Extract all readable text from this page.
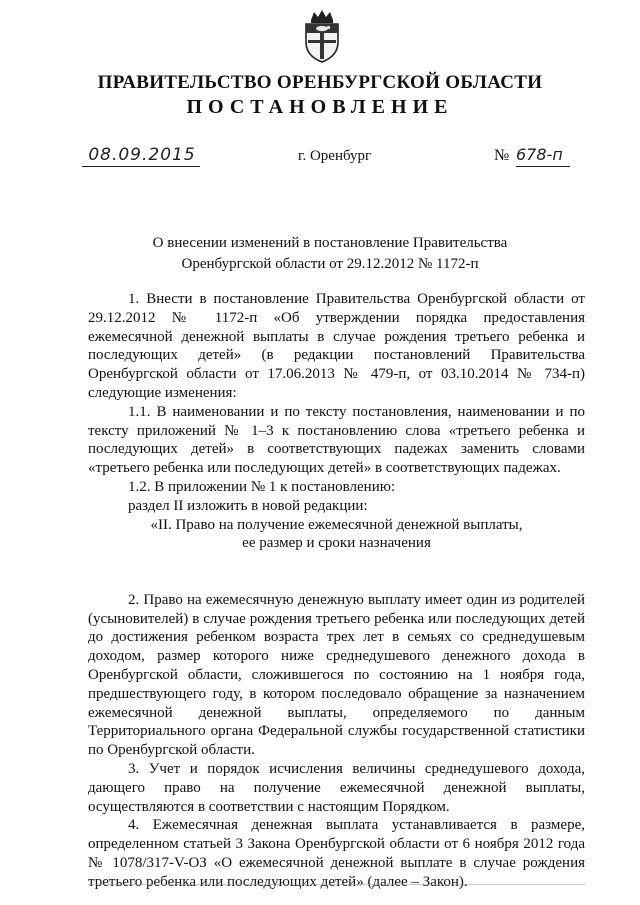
ПРАВИТЕЛЬСТВО ОРЕНБУРГСКОЙ ОБЛАСТИ
ПОСТАНОВЛЕНИЕ
08.09.2015	г. Оренбург	№ 678-п
О внесении изменений в постановление Правительства
Оренбургской области от 29.12.2012 № 1172-п

1. Внести в постановление Правительства Оренбургской области от 29.12.2012 № 1172-п «Об утверждении порядка предоставления ежемесячной денежной выплаты в случае рождения третьего ребенка и последующих детей» (в редакции постановлений Правительства Оренбургской области от 17.06.2013 № 479-п, от 03.10.2014 № 734-п) следующие изменения:

1.1. В наименовании и по тексту постановления, наименовании и по тексту приложений № 1–3 к постановлению слова «третьего ребенка и последующих детей» в соответствующих падежах заменить словами «третьего ребенка или последующих детей» в соответствующих падежах.

1.2. В приложении № 1 к постановлению:

раздел II изложить в новой редакции:

«II. Право на получение ежемесячной денежной выплаты,

ее размер и сроки назначения

2. Право на ежемесячную денежную выплату имеет один из родителей (усыновителей) в случае рождения третьего ребенка или последующих детей до достижения ребенком возраста трех лет в семьях со среднедушевым доходом, размер которого ниже среднедушевого денежного дохода в Оренбургской области, сложившегося по состоянию на 1 ноября года, предшествующего году, в котором последовало обращение за назначением ежемесячной денежной выплаты, определяемого по данным Территориального органа Федеральной службы государственной статистики по Оренбургской области.

3. Учет и порядок исчисления величины среднедушевого дохода, дающего право на получение ежемесячной денежной выплаты, осуществляются в соответствии с настоящим Порядком.

4. Ежемесячная денежная выплата устанавливается в размере, определенном статьей 3 Закона Оренбургской области от 6 ноября 2012 года № 1078/317-V-ОЗ «О ежемесячной денежной выплате в случае рождения третьего ребенка или последующих детей» (далее – Закон).
